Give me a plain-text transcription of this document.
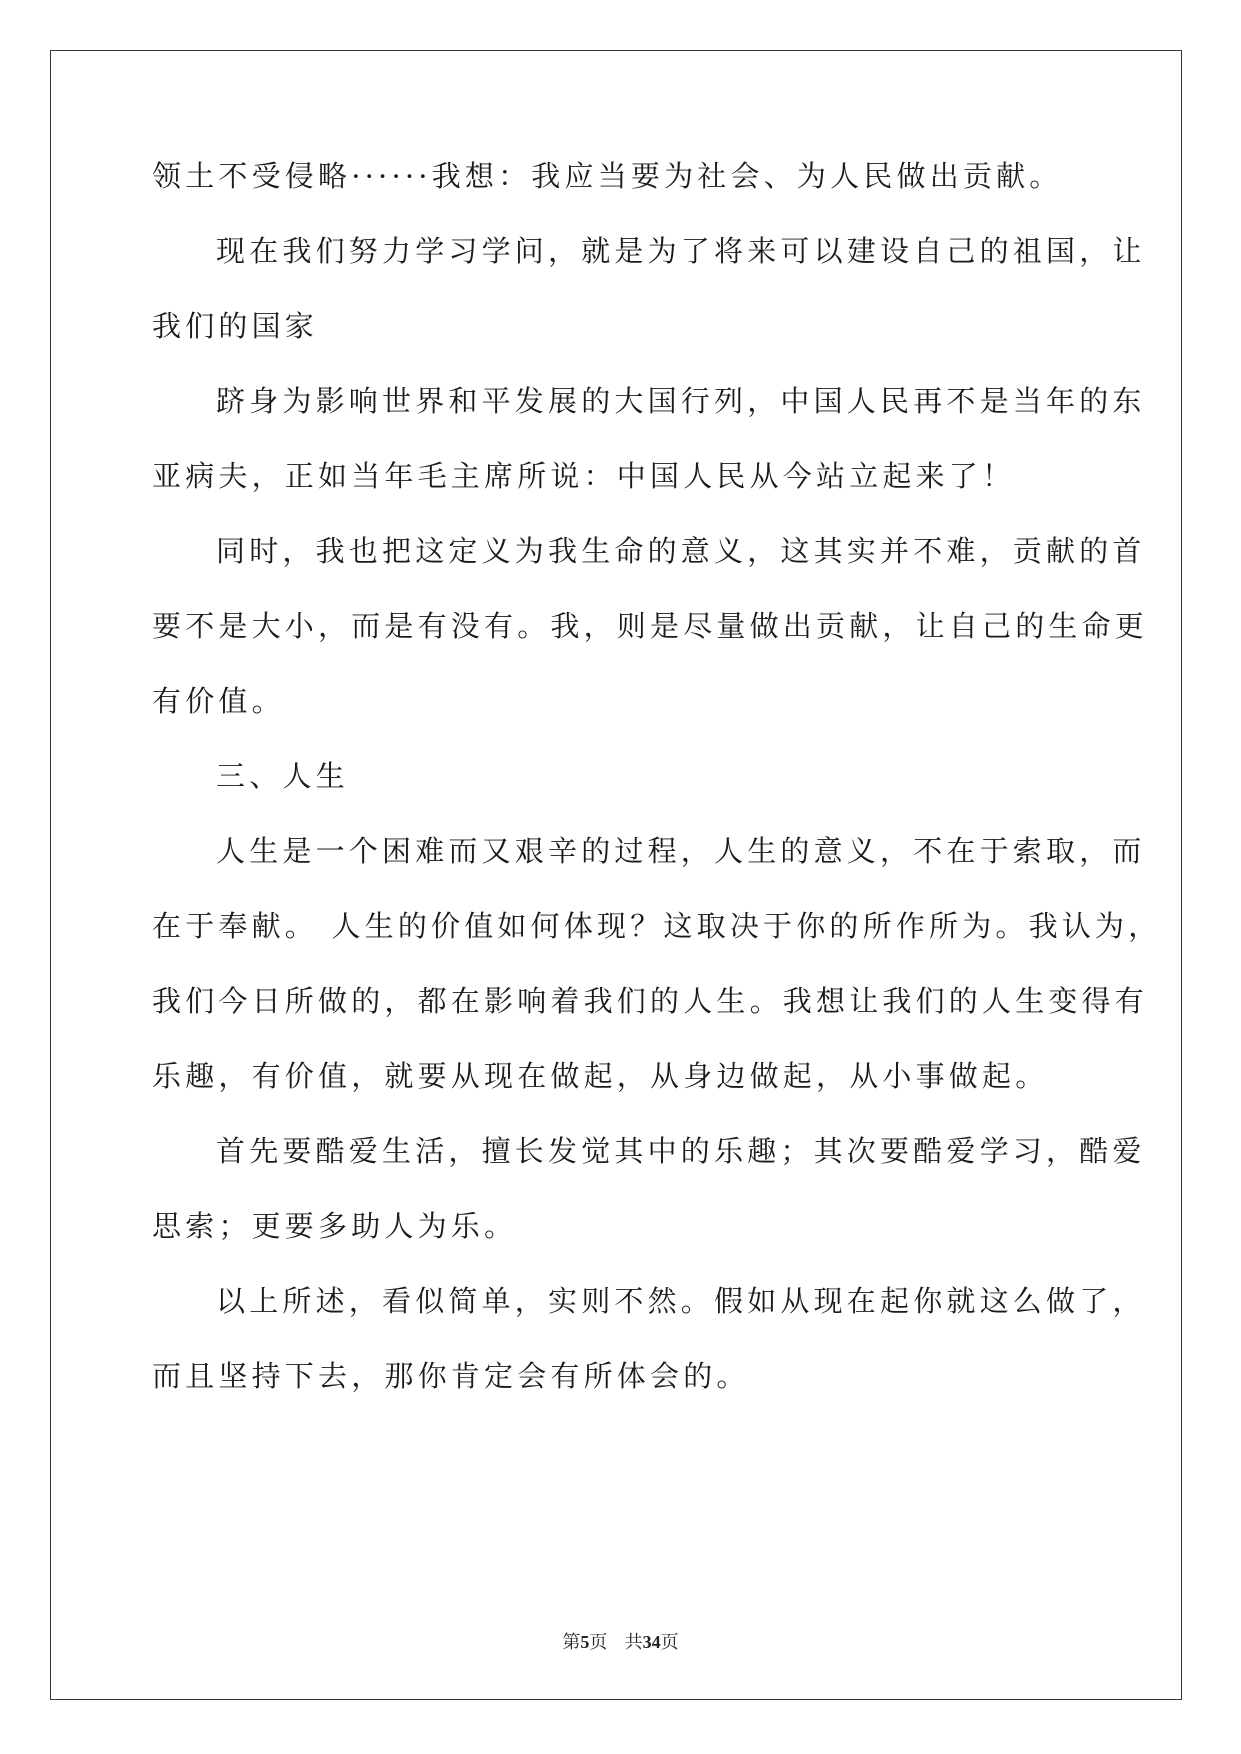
领土不受侵略······我想：我应当要为社会、为人民做出贡献。
现在我们努力学习学问，就是为了将来可以建设自己的祖国，让
我们的国家
跻身为影响世界和平发展的大国行列，中国人民再不是当年的东
亚病夫，正如当年毛主席所说：中国人民从今站立起来了！
同时，我也把这定义为我生命的意义，这其实并不难，贡献的首
要不是大小，而是有没有。我，则是尽量做出贡献，让自己的生命更
有价值。
三、人生
人生是一个困难而又艰辛的过程，人生的意义，不在于索取，而
在于奉献。 人生的价值如何体现？这取决于你的所作所为。我认为，
我们今日所做的，都在影响着我们的人生。我想让我们的人生变得有
乐趣，有价值，就要从现在做起，从身边做起，从小事做起。
首先要酷爱生活，擅长发觉其中的乐趣；其次要酷爱学习，酷爱
思索；更要多助人为乐。
以上所述，看似简单，实则不然。假如从现在起你就这么做了，
而且坚持下去，那你肯定会有所体会的。
第5页 共34页
